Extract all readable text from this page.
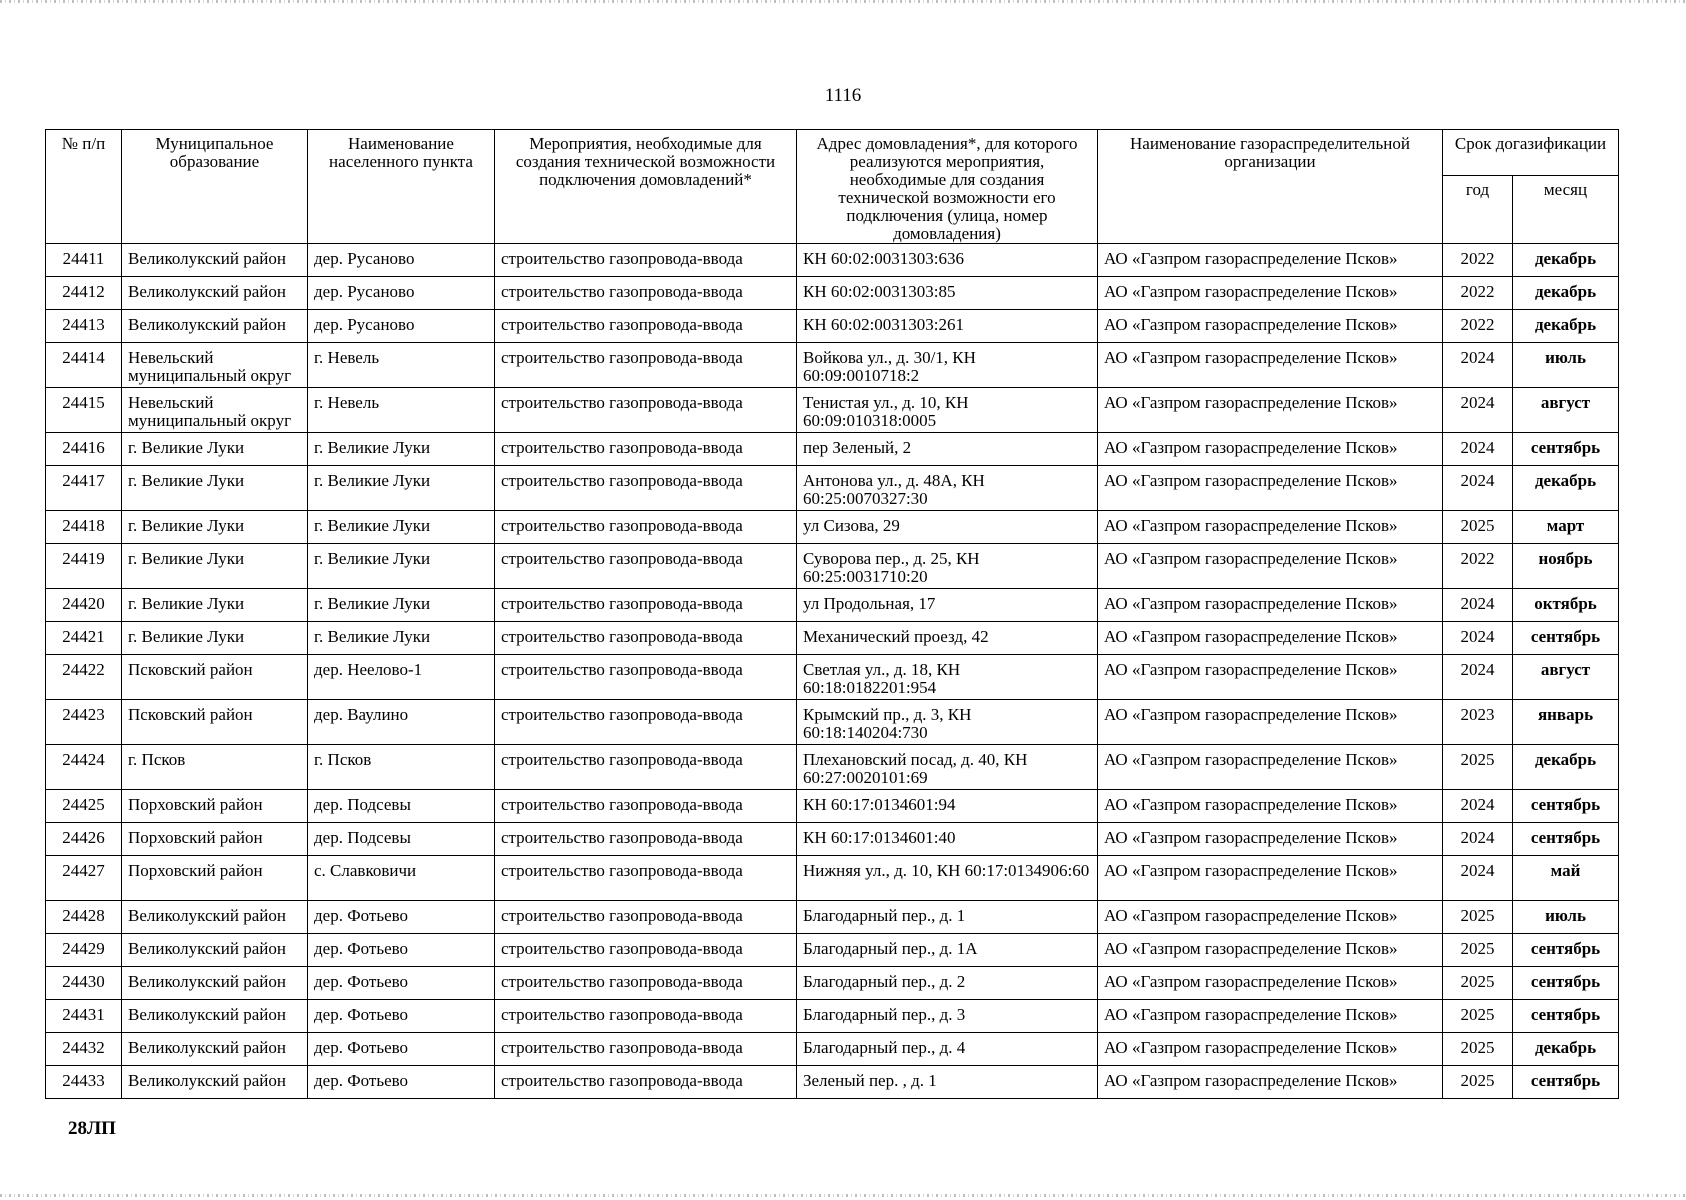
1116
№ п/п	Муниципальное образование	Наименование населенного пункта	Мероприятия, необходимые для создания технической возможности подключения домовладений*	Адрес домовладения*, для которого реализуются мероприятия, необходимые для создания технической возможности его подключения (улица, номер домовладения)	Наименование газораспределительной организации	Срок догазификации	
						год	месяц
24411	Великолукский район	дер. Русаново	строительство газопровода-ввода	КН 60:02:0031303:636	АО «Газпром газораспределение Псков»	2022	декабрь
24412	Великолукский район	дер. Русаново	строительство газопровода-ввода	КН 60:02:0031303:85	АО «Газпром газораспределение Псков»	2022	декабрь
24413	Великолукский район	дер. Русаново	строительство газопровода-ввода	КН 60:02:0031303:261	АО «Газпром газораспределение Псков»	2022	декабрь
24414	Невельский муниципальный округ	г. Невель	строительство газопровода-ввода	Войкова ул., д. 30/1, КН 60:09:0010718:2	АО «Газпром газораспределение Псков»	2024	июль
24415	Невельский муниципальный округ	г. Невель	строительство газопровода-ввода	Тенистая ул., д. 10, КН 60:09:010318:0005	АО «Газпром газораспределение Псков»	2024	август
24416	г. Великие Луки	г. Великие Луки	строительство газопровода-ввода	пер Зеленый, 2	АО «Газпром газораспределение Псков»	2024	сентябрь
24417	г. Великие Луки	г. Великие Луки	строительство газопровода-ввода	Антонова ул., д. 48А, КН 60:25:0070327:30	АО «Газпром газораспределение Псков»	2024	декабрь
24418	г. Великие Луки	г. Великие Луки	строительство газопровода-ввода	ул Сизова, 29	АО «Газпром газораспределение Псков»	2025	март
24419	г. Великие Луки	г. Великие Луки	строительство газопровода-ввода	Суворова пер., д. 25, КН 60:25:0031710:20	АО «Газпром газораспределение Псков»	2022	ноябрь
24420	г. Великие Луки	г. Великие Луки	строительство газопровода-ввода	ул Продольная, 17	АО «Газпром газораспределение Псков»	2024	октябрь
24421	г. Великие Луки	г. Великие Луки	строительство газопровода-ввода	Механический проезд, 42	АО «Газпром газораспределение Псков»	2024	сентябрь
24422	Псковский район	дер. Неелово-1	строительство газопровода-ввода	Светлая ул., д. 18, КН 60:18:0182201:954	АО «Газпром газораспределение Псков»	2024	август
24423	Псковский район	дер. Ваулино	строительство газопровода-ввода	Крымский пр., д. 3, КН 60:18:140204:730	АО «Газпром газораспределение Псков»	2023	январь
24424	г. Псков	г. Псков	строительство газопровода-ввода	Плехановский посад, д. 40, КН 60:27:0020101:69	АО «Газпром газораспределение Псков»	2025	декабрь
24425	Порховский район	дер. Подсевы	строительство газопровода-ввода	КН 60:17:0134601:94	АО «Газпром газораспределение Псков»	2024	сентябрь
24426	Порховский район	дер. Подсевы	строительство газопровода-ввода	КН 60:17:0134601:40	АО «Газпром газораспределение Псков»	2024	сентябрь
24427	Порховский район	с. Славковичи	строительство газопровода-ввода	Нижняя ул., д. 10, КН 60:17:0134906:60	АО «Газпром газораспределение Псков»	2024	май
24428	Великолукский район	дер. Фотьево	строительство газопровода-ввода	Благодарный пер., д. 1	АО «Газпром газораспределение Псков»	2025	июль
24429	Великолукский район	дер. Фотьево	строительство газопровода-ввода	Благодарный пер., д. 1А	АО «Газпром газораспределение Псков»	2025	сентябрь
24430	Великолукский район	дер. Фотьево	строительство газопровода-ввода	Благодарный пер., д. 2	АО «Газпром газораспределение Псков»	2025	сентябрь
24431	Великолукский район	дер. Фотьево	строительство газопровода-ввода	Благодарный пер., д. 3	АО «Газпром газораспределение Псков»	2025	сентябрь
24432	Великолукский район	дер. Фотьево	строительство газопровода-ввода	Благодарный пер., д. 4	АО «Газпром газораспределение Псков»	2025	декабрь
24433	Великолукский район	дер. Фотьево	строительство газопровода-ввода	Зеленый пер. , д. 1	АО «Газпром газораспределение Псков»	2025	сентябрь
28ЛП
